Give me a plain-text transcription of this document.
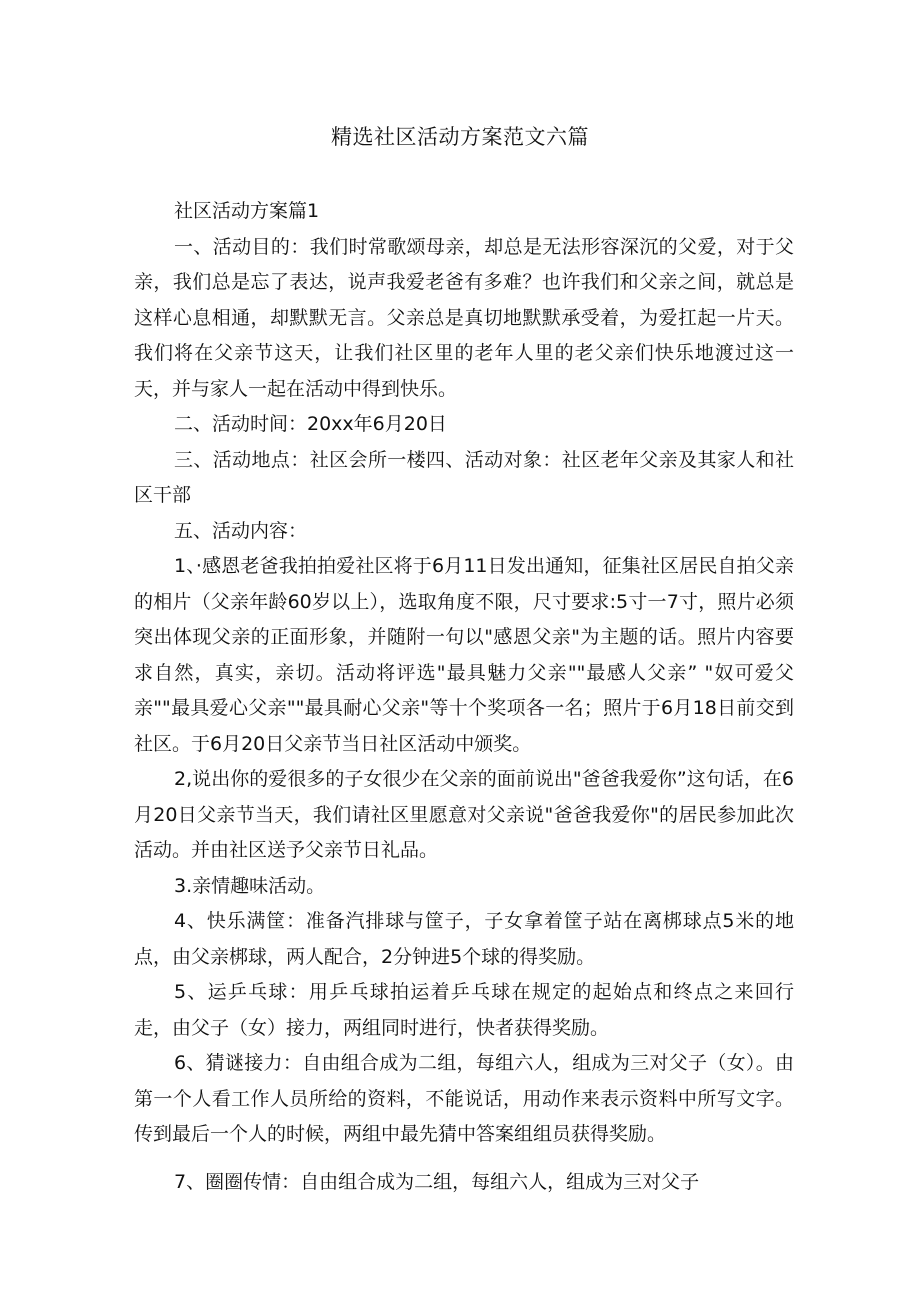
精选社区活动方案范文六篇

社区活动方案篇1

一、活动目的：我们时常歌颂母亲，却总是无法形容深沉的父爱，对于父亲，我们总是忘了表达，说声我爱老爸有多难？也许我们和父亲之间，就总是这样心息相通，却默默无言。父亲总是真切地默默承受着，为爱扛起一片天。我们将在父亲节这天，让我们社区里的老年人里的老父亲们快乐地渡过这一天，并与家人一起在活动中得到快乐。

二、活动时间：20xx年6月20日

三、活动地点：社区会所一楼四、活动对象：社区老年父亲及其家人和社区干部

五、活动内容：

1、·感恩老爸我拍拍爱社区将于6月11日发出通知，征集社区居民自拍父亲的相片（父亲年龄60岁以上），选取角度不限，尺寸要求:5寸一7寸，照片必须突出体现父亲的正面形象，并随附一句以"感恩父亲"为主题的话。照片内容要求自然，真实，亲切。活动将评选"最具魅力父亲""最感人父亲” "奴可爱父亲""最具爱心父亲""最具耐心父亲"等十个奖项各一名；照片于6月18日前交到社区。于6月20日父亲节当日社区活动中颁奖。

2,说出你的爱很多的子女很少在父亲的面前说出"爸爸我爱你”这句话，在6月20日父亲节当天，我们请社区里愿意对父亲说"爸爸我爱你"的居民参加此次活动。并由社区送予父亲节日礼品。

3.亲情趣味活动。

4、快乐满筐：准备汽排球与筐子，子女拿着筐子站在离梆球点5米的地点，由父亲梆球，两人配合，2分钟进5个球的得奖励。

5、运乒乓球：用乒乓球拍运着乒乓球在规定的起始点和终点之来回行走，由父子（女）接力，两组同时进行，快者获得奖励。

6、猜谜接力：自由组合成为二组，每组六人，组成为三对父子（女）。由第一个人看工作人员所给的资料，不能说话，用动作来表示资料中所写文字。传到最后一个人的时候，两组中最先猜中答案组组员获得奖励。

7、圈圈传情：自由组合成为二组，每组六人，组成为三对父子
